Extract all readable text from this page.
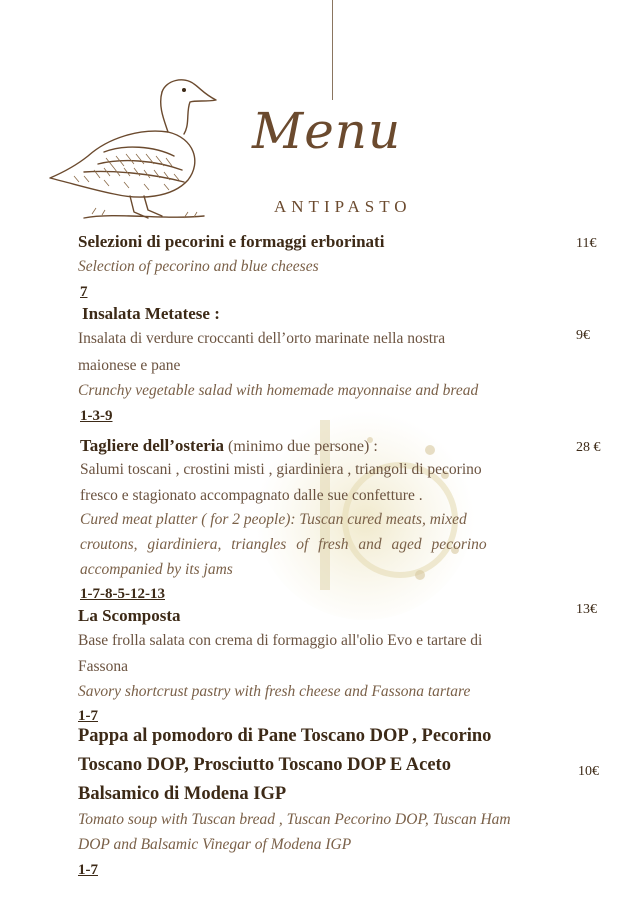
Menu
ANTIPASTO
Selezioni di pecorini e formaggi erborinati
Selection of pecorino and blue cheeses
7
11€
Insalata Metatese :
Insalata di verdure croccanti dell’orto marinate nella nostra
maionese e pane
Crunchy vegetable salad with homemade mayonnaise and bread
1-3-9
9€
Tagliere dell’osteria (minimo due persone) :
Salumi toscani , crostini misti , giardiniera , triangoli di pecorino
fresco e stagionato accompagnato dalle sue confetture .
Cured meat platter ( for 2 people): Tuscan cured meats, mixed
croutons, giardiniera, triangles of fresh and aged pecorino
accompanied by its jams
1-7-8-5-12-13
28 €
La Scomposta
Base frolla salata con crema di formaggio all'olio Evo e tartare di
Fassona
Savory shortcrust pastry with fresh cheese and Fassona tartare
1-7
13€
Pappa al pomodoro di Pane Toscano DOP , Pecorino
Toscano DOP, Prosciutto Toscano DOP E Aceto
Balsamico di Modena IGP
Tomato soup with Tuscan bread , Tuscan Pecorino DOP, Tuscan Ham
DOP and Balsamic Vinegar of Modena IGP
1-7
10€
